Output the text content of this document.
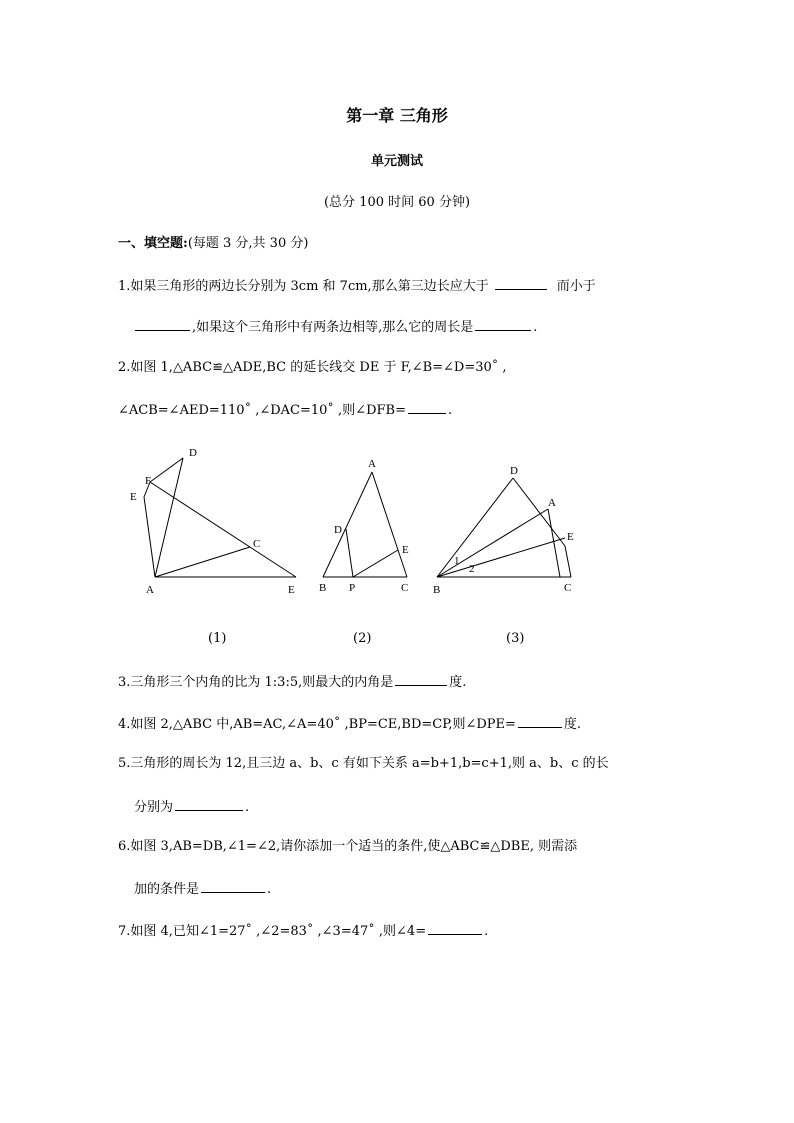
第一章 三角形
单元测试
(总分 100 时间 60 分钟)
一、填空题:(每题 3 分,共 30 分)
1.如果三角形的两边长分别为 3cm 和 7cm,那么第三边长应大于	而小于
,如果这个三角形中有两条边相等,那么它的周长是	.
2.如图 1,△ABC≌△ADE,BC 的延长线交 DE 于 F,∠B=∠D=30˚ ,
∠ACB=∠AED=110˚ ,∠DAC=10˚ ,则∠DFB=	.
D
F
E
C
A	E
A
D
E
B P	C
D
A
E
1
2
B	C
(1)	(2)	(3)
3.三角形三个内角的比为 1:3:5,则最大的内角是	度.
4.如图 2,△ABC 中,AB=AC,∠A=40˚ ,BP=CE,BD=CP,则∠DPE=	度.
5.三角形的周长为 12,且三边 a、b、c 有如下关系 a=b+1,b=c+1,则 a、b、c 的长
分别为	.
6.如图 3,AB=DB,∠1=∠2,请你添加一个适当的条件,使△ABC≌△DBE, 则需添
加的条件是	.
7.如图 4,已知∠1=27˚ ,∠2=83˚ ,∠3=47˚ ,则∠4=	.
